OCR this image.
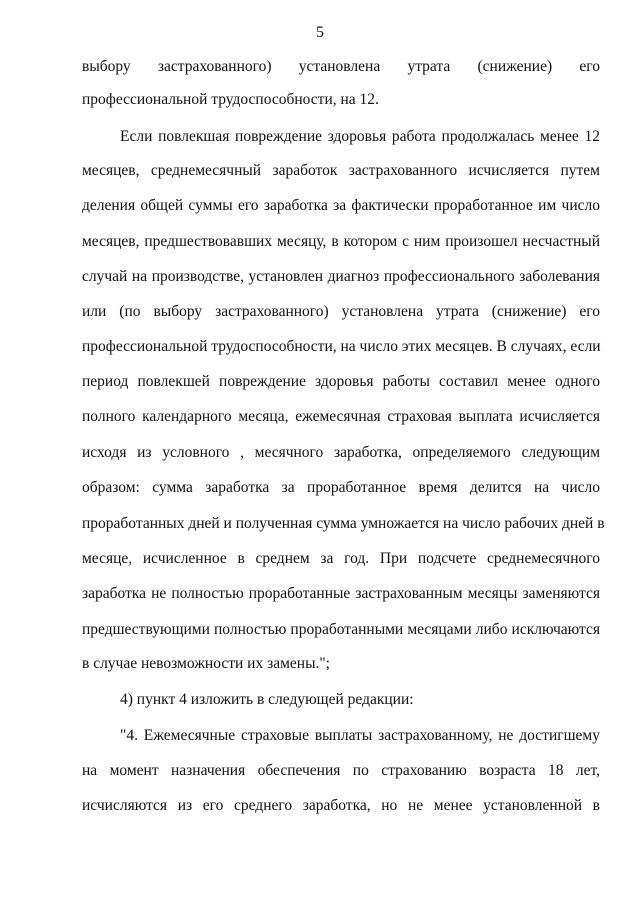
5
выбору застрахованного) установлена утрата (снижение) его
профессиональной трудоспособности, на 12.
Если повлекшая повреждение здоровья работа продолжалась менее 12
месяцев, среднемесячный заработок застрахованного исчисляется путем
деления общей суммы его заработка за фактически проработанное им число
месяцев, предшествовавших месяцу, в котором с ним произошел несчастный
случай на производстве, установлен диагноз профессионального заболевания
или (по выбору застрахованного) установлена утрата (снижение) его
профессиональной трудоспособности, на число этих месяцев. В случаях, если
период повлекшей повреждение здоровья работы составил менее одного
полного календарного месяца, ежемесячная страховая выплата исчисляется
исходя из условного , месячного заработка, определяемого следующим
образом: сумма заработка за проработанное время делится на число
проработанных дней и полученная сумма умножается на число рабочих дней в
месяце, исчисленное в среднем за год. При подсчете среднемесячного
заработка не полностью проработанные застрахованным месяцы заменяются
предшествующими полностью проработанными месяцами либо исключаются
в случае невозможности их замены.";
4) пункт 4 изложить в следующей редакции:
"4. Ежемесячные страховые выплаты застрахованному, не достигшему
на момент назначения обеспечения по страхованию возраста 18 лет,
исчисляются из его среднего заработка, но не менее установленной в
